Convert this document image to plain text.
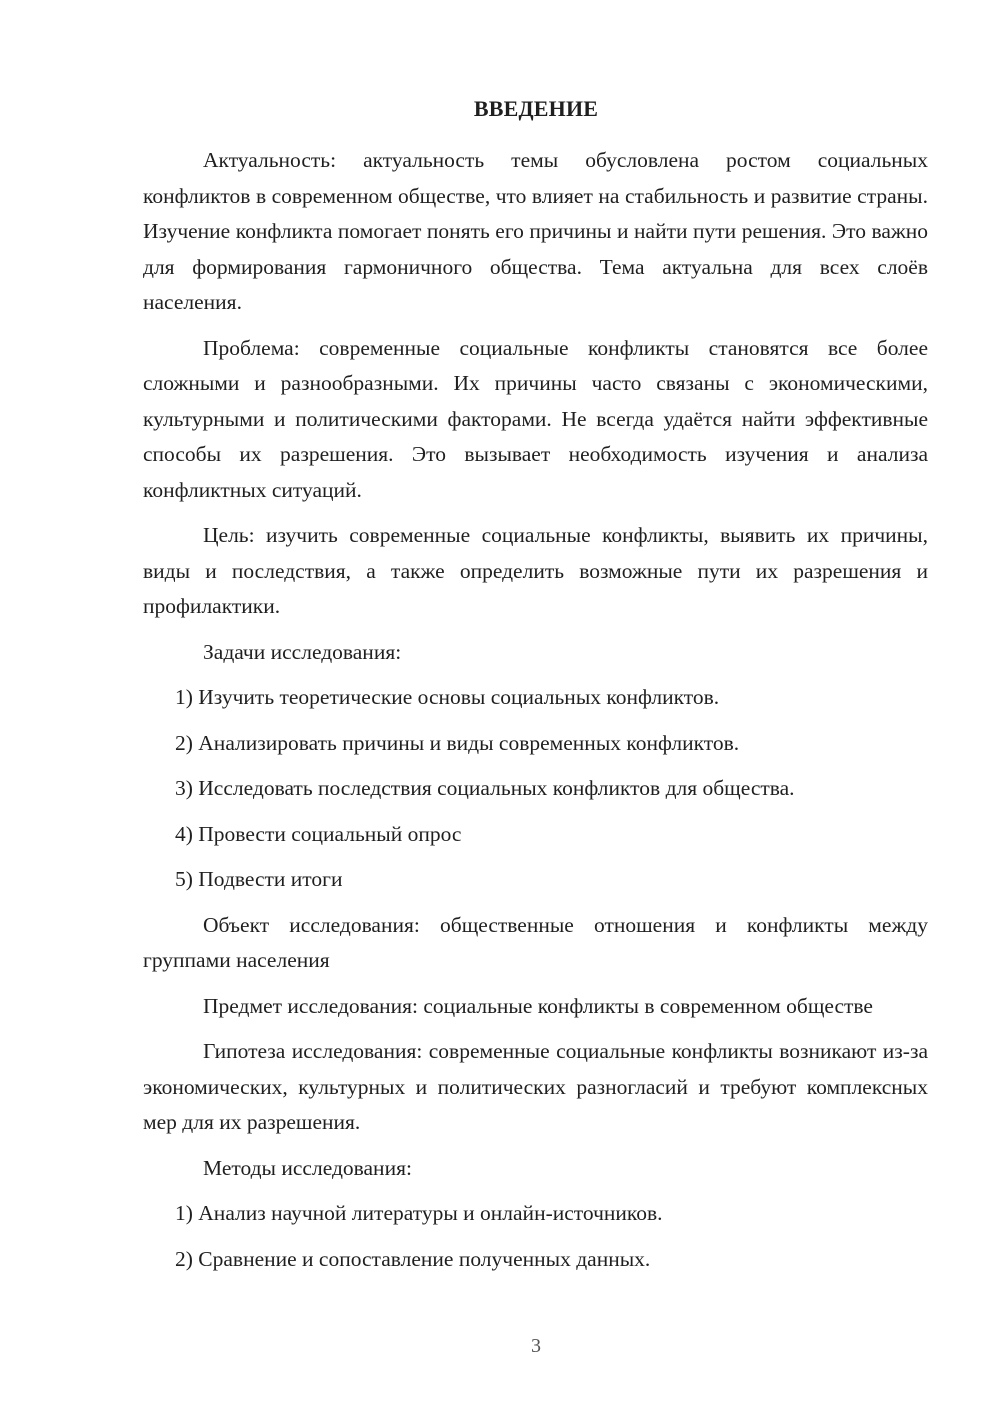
ВВЕДЕНИЕ

Актуальность: актуальность темы обусловлена ростом социальных конфликтов в современном обществе, что влияет на стабильность и развитие страны. Изучение конфликта помогает понять его причины и найти пути решения. Это важно для формирования гармоничного общества. Тема актуальна для всех слоёв населения.

Проблема: современные социальные конфликты становятся все более сложными и разнообразными. Их причины часто связаны с экономическими, культурными и политическими факторами. Не всегда удаётся найти эффективные способы их разрешения. Это вызывает необходимость изучения и анализа конфликтных ситуаций.

Цель: изучить современные социальные конфликты, выявить их причины, виды и последствия, а также определить возможные пути их разрешения и профилактики.

Задачи исследования:

1) Изучить теоретические основы социальных конфликтов.

2) Анализировать причины и виды современных конфликтов.

3) Исследовать последствия социальных конфликтов для общества.

4) Провести социальный опрос

5) Подвести итоги

Объект исследования: общественные отношения и конфликты между группами населения

Предмет исследования: социальные конфликты в современном обществе

Гипотеза исследования: современные социальные конфликты возникают из-за экономических, культурных и политических разногласий и требуют комплексных мер для их разрешения.

Методы исследования:

1) Анализ научной литературы и онлайн-источников.

2) Сравнение и сопоставление полученных данных.

3
